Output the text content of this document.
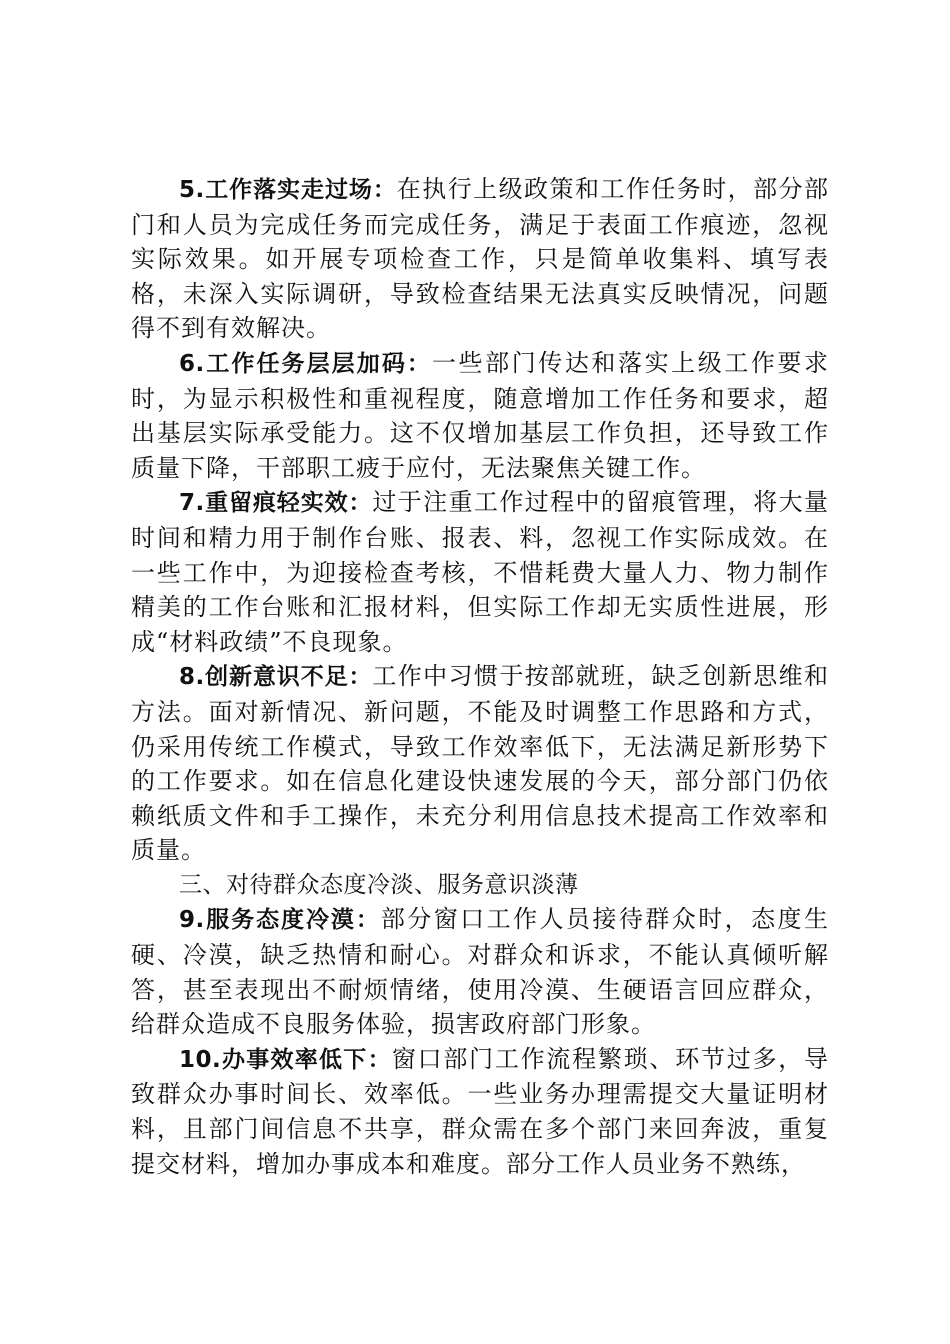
5.工作落实走过场：在执行上级政策和工作任务时，部分部门和人员为完成任务而完成任务，满足于表面工作痕迹，忽视实际效果。如开展专项检查工作，只是简单收集料、填写表格，未深入实际调研，导致检查结果无法真实反映情况，问题得不到有效解决。

6.工作任务层层加码：一些部门传达和落实上级工作要求时，为显示积极性和重视程度，随意增加工作任务和要求，超出基层实际承受能力。这不仅增加基层工作负担，还导致工作质量下降，干部职工疲于应付，无法聚焦关键工作。

7.重留痕轻实效：过于注重工作过程中的留痕管理，将大量时间和精力用于制作台账、报表、料，忽视工作实际成效。在一些工作中，为迎接检查考核，不惜耗费大量人力、物力制作精美的工作台账和汇报材料，但实际工作却无实质性进展，形成“材料政绩”不良现象。

8.创新意识不足：工作中习惯于按部就班，缺乏创新思维和方法。面对新情况、新问题，不能及时调整工作思路和方式，仍采用传统工作模式，导致工作效率低下，无法满足新形势下的工作要求。如在信息化建设快速发展的今天，部分部门仍依赖纸质文件和手工操作，未充分利用信息技术提高工作效率和质量。

三、对待群众态度冷淡、服务意识淡薄

9.服务态度冷漠：部分窗口工作人员接待群众时，态度生硬、冷漠，缺乏热情和耐心。对群众和诉求，不能认真倾听解答，甚至表现出不耐烦情绪，使用冷漠、生硬语言回应群众，给群众造成不良服务体验，损害政府部门形象。

10.办事效率低下：窗口部门工作流程繁琐、环节过多，导致群众办事时间长、效率低。一些业务办理需提交大量证明材料，且部门间信息不共享，群众需在多个部门来回奔波，重复提交材料，增加办事成本和难度。部分工作人员业务不熟练，
